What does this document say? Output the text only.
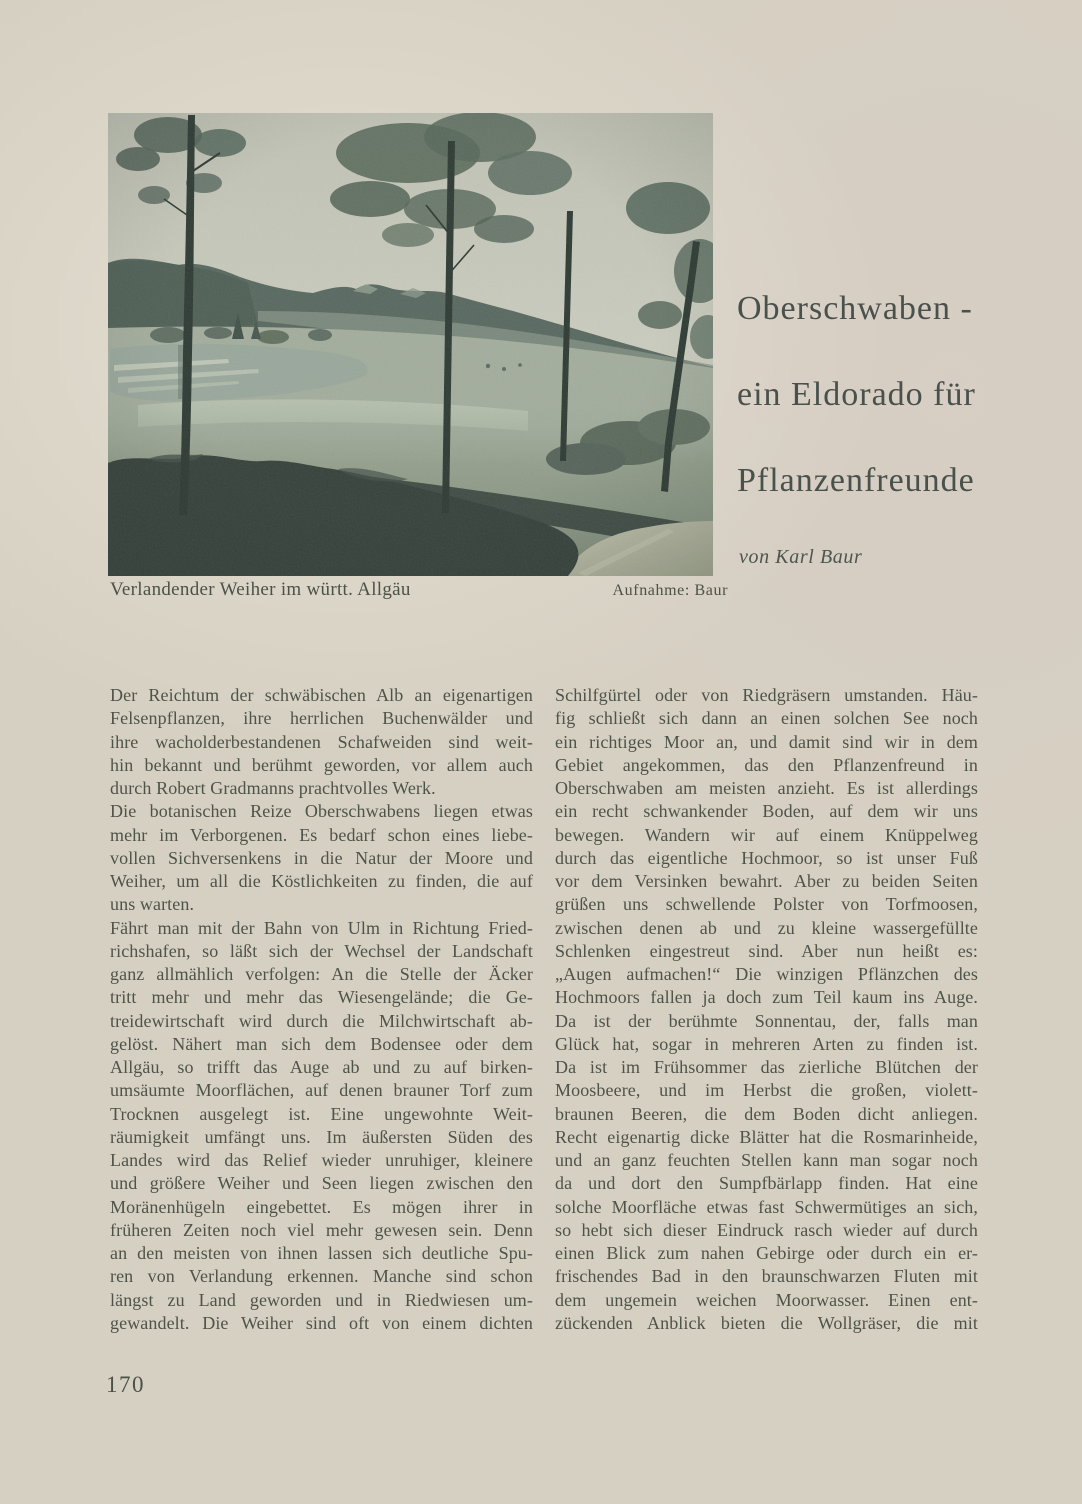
Oberschwaben -
ein Eldorado für
Pflanzenfreunde
von Karl Baur
Verlandender Weiher im württ. Allgäu	Aufnahme: Baur
Der Reichtum der schwäbischen Alb an eigenartigen
Felsenpflanzen, ihre herrlichen Buchenwälder und
ihre wacholderbestandenen Schafweiden sind weit-
hin bekannt und berühmt geworden, vor allem auch
durch Robert Gradmanns prachtvolles Werk.
Die botanischen Reize Oberschwabens liegen etwas
mehr im Verborgenen. Es bedarf schon eines liebe-
vollen Sichversenkens in die Natur der Moore und
Weiher, um all die Köstlichkeiten zu finden, die auf
uns warten.
Fährt man mit der Bahn von Ulm in Richtung Fried-
richshafen, so läßt sich der Wechsel der Landschaft
ganz allmählich verfolgen: An die Stelle der Äcker
tritt mehr und mehr das Wiesengelände; die Ge-
treidewirtschaft wird durch die Milchwirtschaft ab-
gelöst. Nähert man sich dem Bodensee oder dem
Allgäu, so trifft das Auge ab und zu auf birken-
umsäumte Moorflächen, auf denen brauner Torf zum
Trocknen ausgelegt ist. Eine ungewohnte Weit-
räumigkeit umfängt uns. Im äußersten Süden des
Landes wird das Relief wieder unruhiger, kleinere
und größere Weiher und Seen liegen zwischen den
Moränenhügeln eingebettet. Es mögen ihrer in
früheren Zeiten noch viel mehr gewesen sein. Denn
an den meisten von ihnen lassen sich deutliche Spu-
ren von Verlandung erkennen. Manche sind schon
längst zu Land geworden und in Riedwiesen um-
gewandelt. Die Weiher sind oft von einem dichten
Schilfgürtel oder von Riedgräsern umstanden. Häu-
fig schließt sich dann an einen solchen See noch
ein richtiges Moor an, und damit sind wir in dem
Gebiet angekommen, das den Pflanzenfreund in
Oberschwaben am meisten anzieht. Es ist allerdings
ein recht schwankender Boden, auf dem wir uns
bewegen. Wandern wir auf einem Knüppelweg
durch das eigentliche Hochmoor, so ist unser Fuß
vor dem Versinken bewahrt. Aber zu beiden Seiten
grüßen uns schwellende Polster von Torfmoosen,
zwischen denen ab und zu kleine wassergefüllte
Schlenken eingestreut sind. Aber nun heißt es:
„Augen aufmachen!“ Die winzigen Pflänzchen des
Hochmoors fallen ja doch zum Teil kaum ins Auge.
Da ist der berühmte Sonnentau, der, falls man
Glück hat, sogar in mehreren Arten zu finden ist.
Da ist im Frühsommer das zierliche Blütchen der
Moosbeere, und im Herbst die großen, violett-
braunen Beeren, die dem Boden dicht anliegen.
Recht eigenartig dicke Blätter hat die Rosmarinheide,
und an ganz feuchten Stellen kann man sogar noch
da und dort den Sumpfbärlapp finden. Hat eine
solche Moorfläche etwas fast Schwermütiges an sich,
so hebt sich dieser Eindruck rasch wieder auf durch
einen Blick zum nahen Gebirge oder durch ein er-
frischendes Bad in den braunschwarzen Fluten mit
dem ungemein weichen Moorwasser. Einen ent-
zückenden Anblick bieten die Wollgräser, die mit
170
